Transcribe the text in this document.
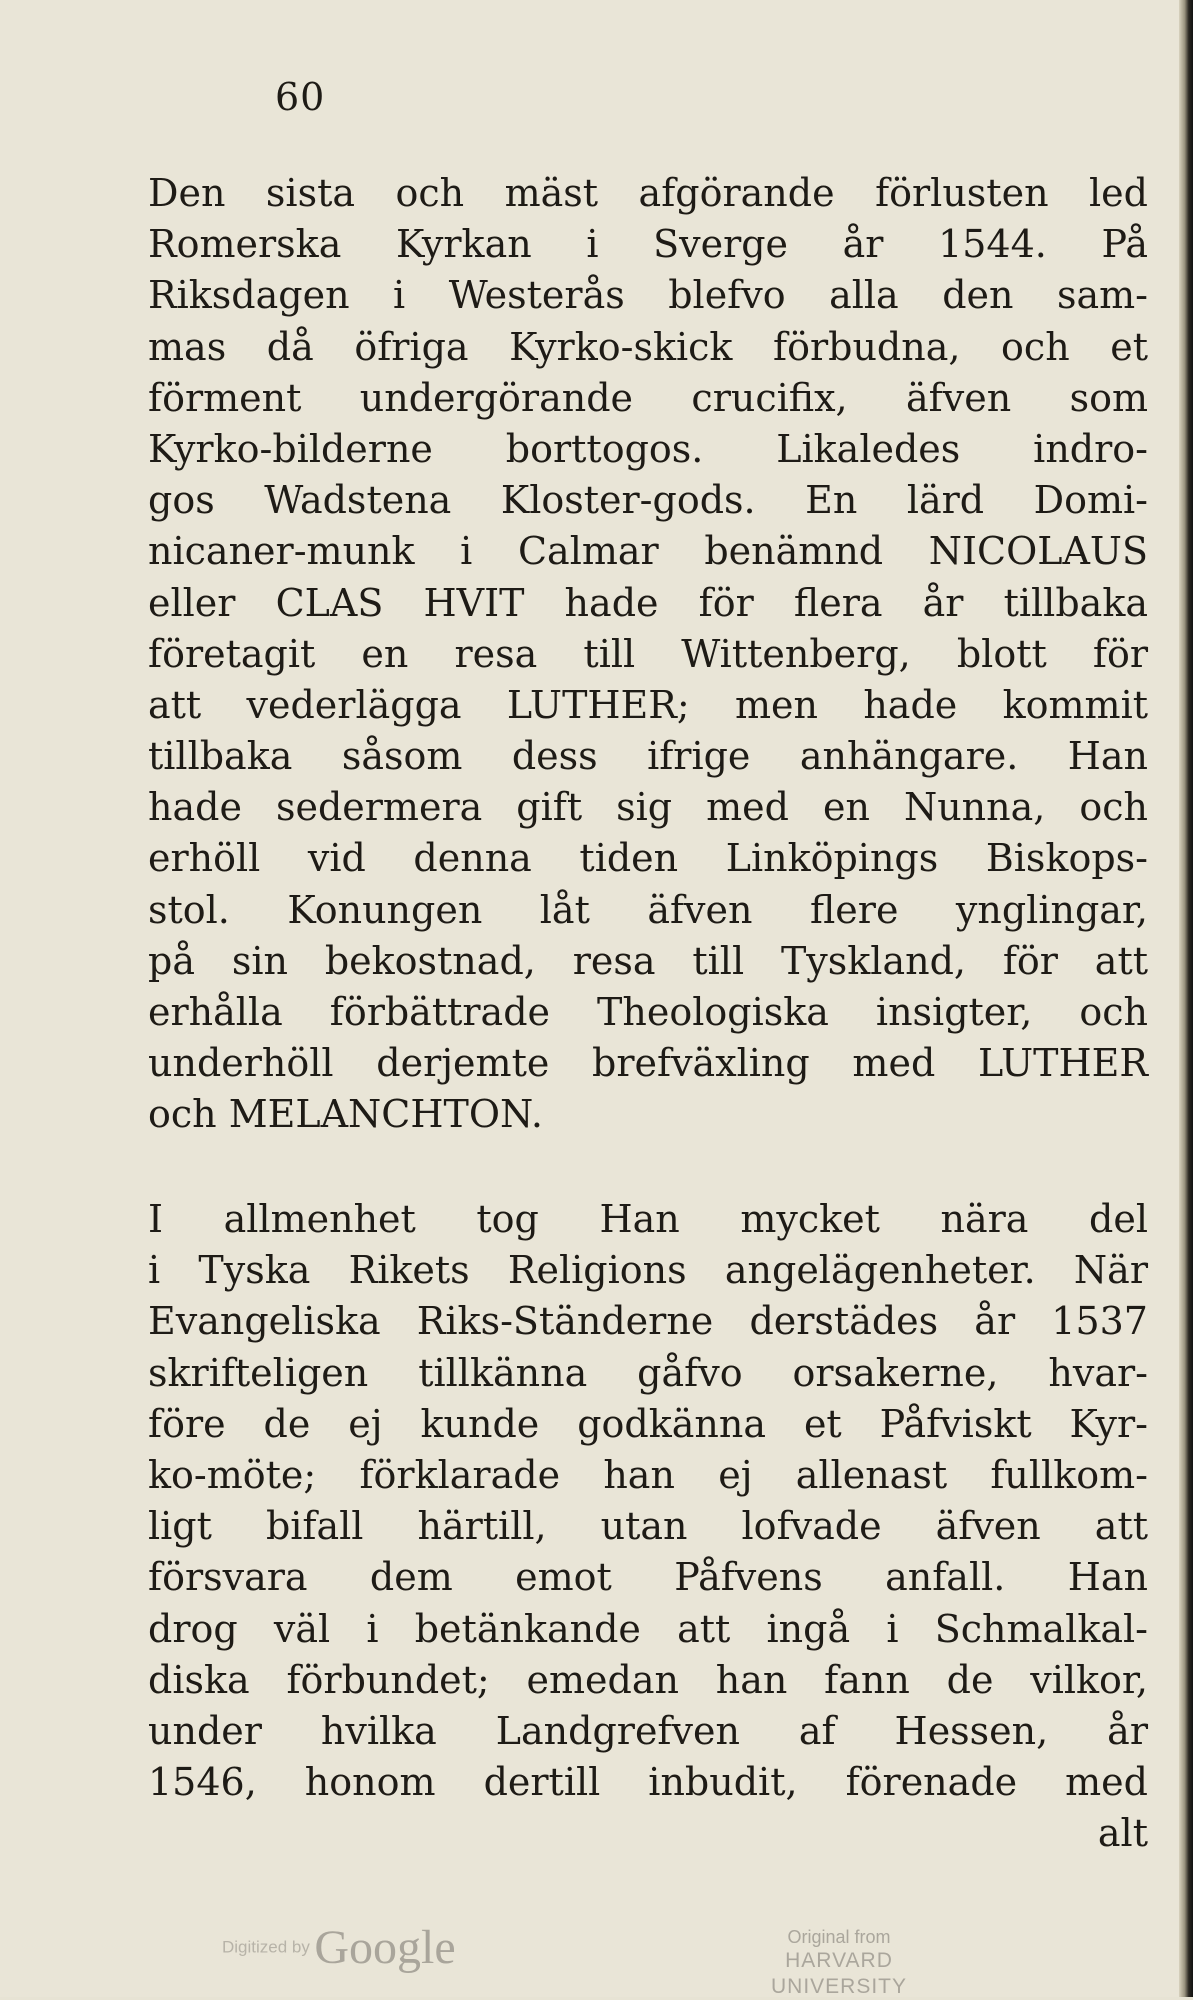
60
Den sista och mäst afgörande förlusten led
Romerska Kyrkan i Sverge år 1544. På
Riksdagen i Westerås blefvo alla den sam-
mas då öfriga Kyrko-skick förbudna, och et
förment undergörande crucifix, äfven som
Kyrko-bilderne borttogos. Likaledes indro-
gos Wadstena Kloster-gods. En lärd Domi-
nicaner-munk i Calmar benämnd NICOLAUS
eller CLAS HVIT hade för flera år tillbaka
företagit en resa till Wittenberg, blott för
att vederlägga LUTHER; men hade kommit
tillbaka såsom dess ifrige anhängare. Han
hade sedermera gift sig med en Nunna, och
erhöll vid denna tiden Linköpings Biskops-
stol. Konungen låt äfven flere ynglingar,
på sin bekostnad, resa till Tyskland, för att
erhålla förbättrade Theologiska insigter, och
underhöll derjemte brefväxling med LUTHER
och MELANCHTON.
I allmenhet tog Han mycket nära del
i Tyska Rikets Religions angelägenheter. När
Evangeliska Riks-Ständerne derstädes år 1537
skrifteligen tillkänna gåfvo orsakerne, hvar-
före de ej kunde godkänna et Påfviskt Kyr-
ko-möte; förklarade han ej allenast fullkom-
ligt bifall härtill, utan lofvade äfven att
försvara dem emot Påfvens anfall. Han
drog väl i betänkande att ingå i Schmalkal-
diska förbundet; emedan han fann de vilkor,
under hvilka Landgrefven af Hessen, år
1546, honom dertill inbudit, förenade med
alt
Digitized by Google	Original from
HARVARD UNIVERSITY
